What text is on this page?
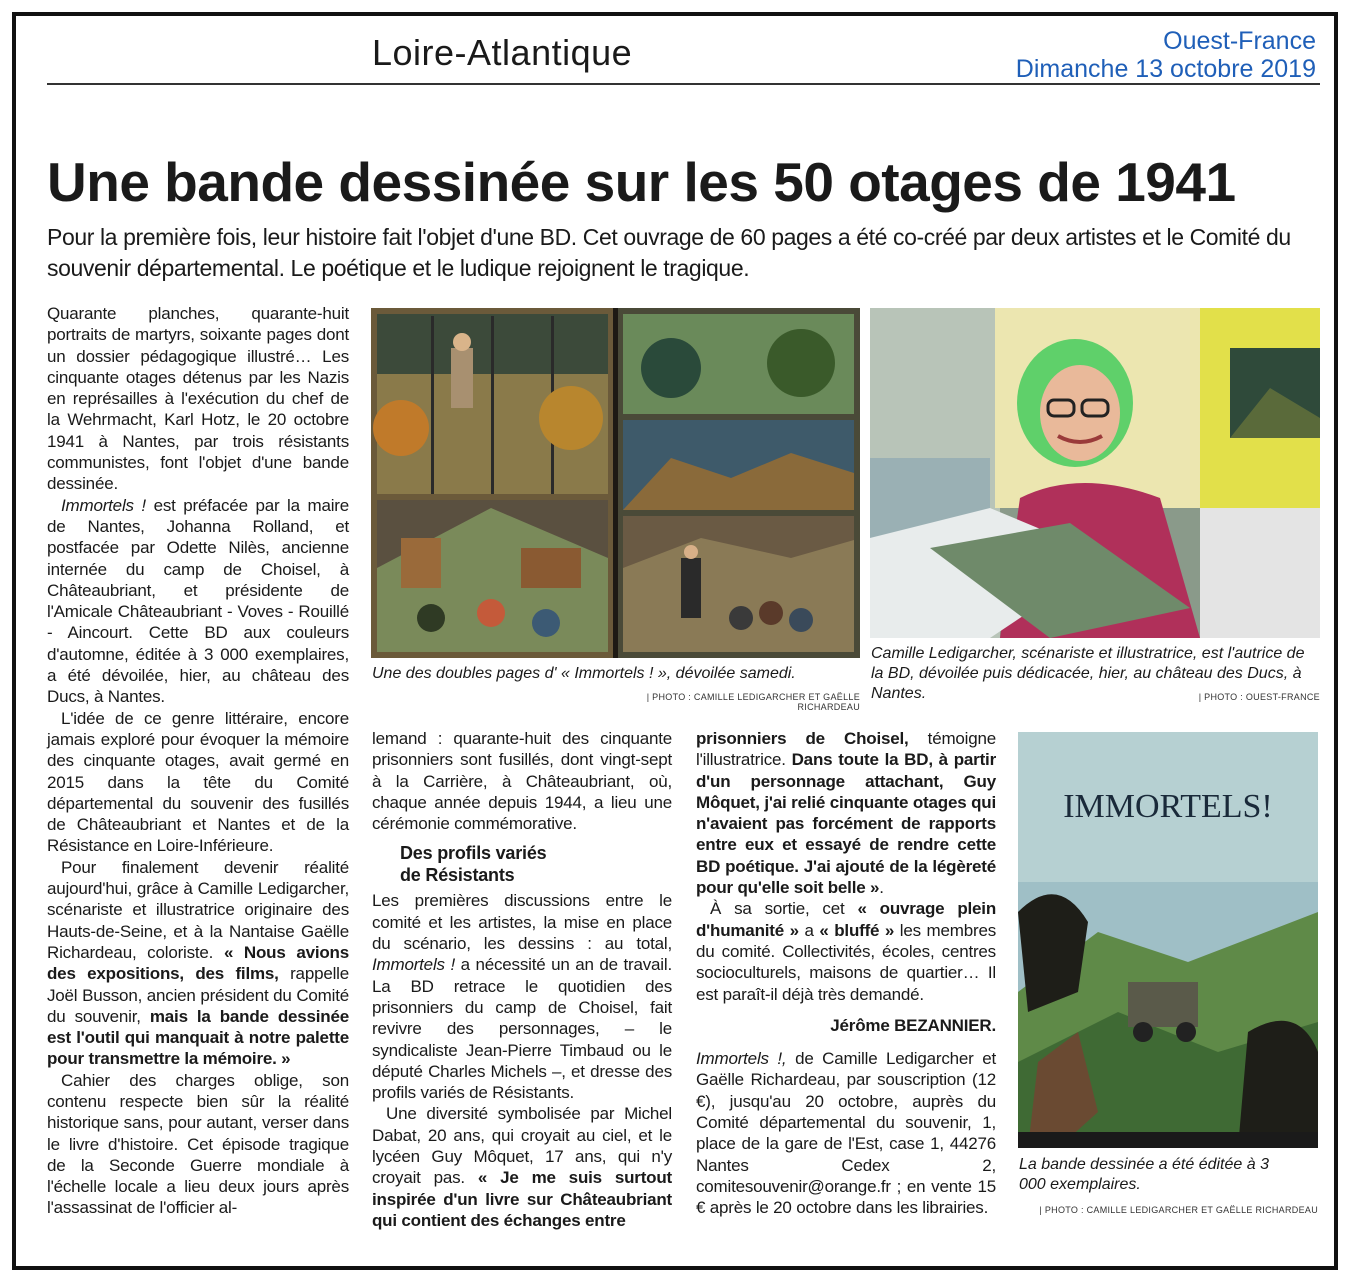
Loire-Atlantique	Ouest-France
Dimanche 13 octobre 2019
Une bande dessinée sur les 50 otages de 1941
Pour la première fois, leur histoire fait l'objet d'une BD. Cet ouvrage de 60 pages a été co-créé par deux artistes et le Comité du souvenir départemental. Le poétique et le ludique rejoignent le tragique.

Quarante planches, quarante-huit portraits de martyrs, soixante pages dont un dossier pédagogique illustré… Les cinquante otages détenus par les Nazis en représailles à l'exécution du chef de la Wehrmacht, Karl Hotz, le 20 octobre 1941 à Nantes, par trois résistants communistes, font l'objet d'une bande dessinée.

Immortels ! est préfacée par la maire de Nantes, Johanna Rolland, et postfacée par Odette Nilès, ancienne internée du camp de Choisel, à Châteaubriant, et présidente de l'Amicale Châteaubriant - Voves - Rouillé - Aincourt. Cette BD aux couleurs d'automne, éditée à 3 000 exemplaires, a été dévoilée, hier, au château des Ducs, à Nantes.

L'idée de ce genre littéraire, encore jamais exploré pour évoquer la mémoire des cinquante otages, avait germé en 2015 dans la tête du Comité départemental du souvenir des fusillés de Châteaubriant et Nantes et de la Résistance en Loire-Inférieure.

Pour finalement devenir réalité aujourd'hui, grâce à Camille Ledigarcher, scénariste et illustratrice originaire des Hauts-de-Seine, et à la Nantaise Gaëlle Richardeau, coloriste. « Nous avions des expositions, des films, rappelle Joël Busson, ancien président du Comité du souvenir, mais la bande dessinée est l'outil qui manquait à notre palette pour transmettre la mémoire. »

Cahier des charges oblige, son contenu respecte bien sûr la réalité historique sans, pour autant, verser dans le livre d'histoire. Cet épisode tragique de la Seconde Guerre mondiale à l'échelle locale a lieu deux jours après l'assassinat de l'officier al-

Une des doubles pages d' « Immortels ! », dévoilée samedi.
| PHOTO : CAMILLE LEDIGARCHER ET GAËLLE RICHARDEAU
Camille Ledigarcher, scénariste et illustratrice, est l'autrice de la BD, dévoilée puis dédicacée, hier, au château des Ducs, à Nantes.	| PHOTO : OUEST-FRANCE

lemand : quarante-huit des cinquante prisonniers sont fusillés, dont vingt-sept à la Carrière, à Châteaubriant, où, chaque année depuis 1944, a lieu une cérémonie commémorative.

Des profils variés
de Résistants

Les premières discussions entre le comité et les artistes, la mise en place du scénario, les dessins : au total, Immortels ! a nécessité un an de travail. La BD retrace le quotidien des prisonniers du camp de Choisel, fait revivre des personnages, – le syndicaliste Jean-Pierre Timbaud ou le député Charles Michels –, et dresse des profils variés de Résistants.

Une diversité symbolisée par Michel Dabat, 20 ans, qui croyait au ciel, et le lycéen Guy Môquet, 17 ans, qui n'y croyait pas. « Je me suis surtout inspirée d'un livre sur Châteaubriant qui contient des échanges entre

prisonniers de Choisel, témoigne l'illustratrice. Dans toute la BD, à partir d'un personnage attachant, Guy Môquet, j'ai relié cinquante otages qui n'avaient pas forcément de rapports entre eux et essayé de rendre cette BD poétique. J'ai ajouté de la légèreté pour qu'elle soit belle ».

À sa sortie, cet « ouvrage plein d'humanité » a « bluffé » les membres du comité. Collectivités, écoles, centres socioculturels, maisons de quartier… Il est paraît-il déjà très demandé.

Jérôme BEZANNIER.

Immortels !, de Camille Ledigarcher et Gaëlle Richardeau, par souscription (12 €), jusqu'au 20 octobre, auprès du Comité départemental du souvenir, 1, place de la gare de l'Est, case 1, 44276 Nantes Cedex 2, comitesouvenir@orange.fr ; en vente 15 € après le 20 octobre dans les librairies.

IMMORTELS!
La bande dessinée a été éditée à 3 000 exemplaires.
| PHOTO : CAMILLE LEDIGARCHER ET GAËLLE RICHARDEAU
